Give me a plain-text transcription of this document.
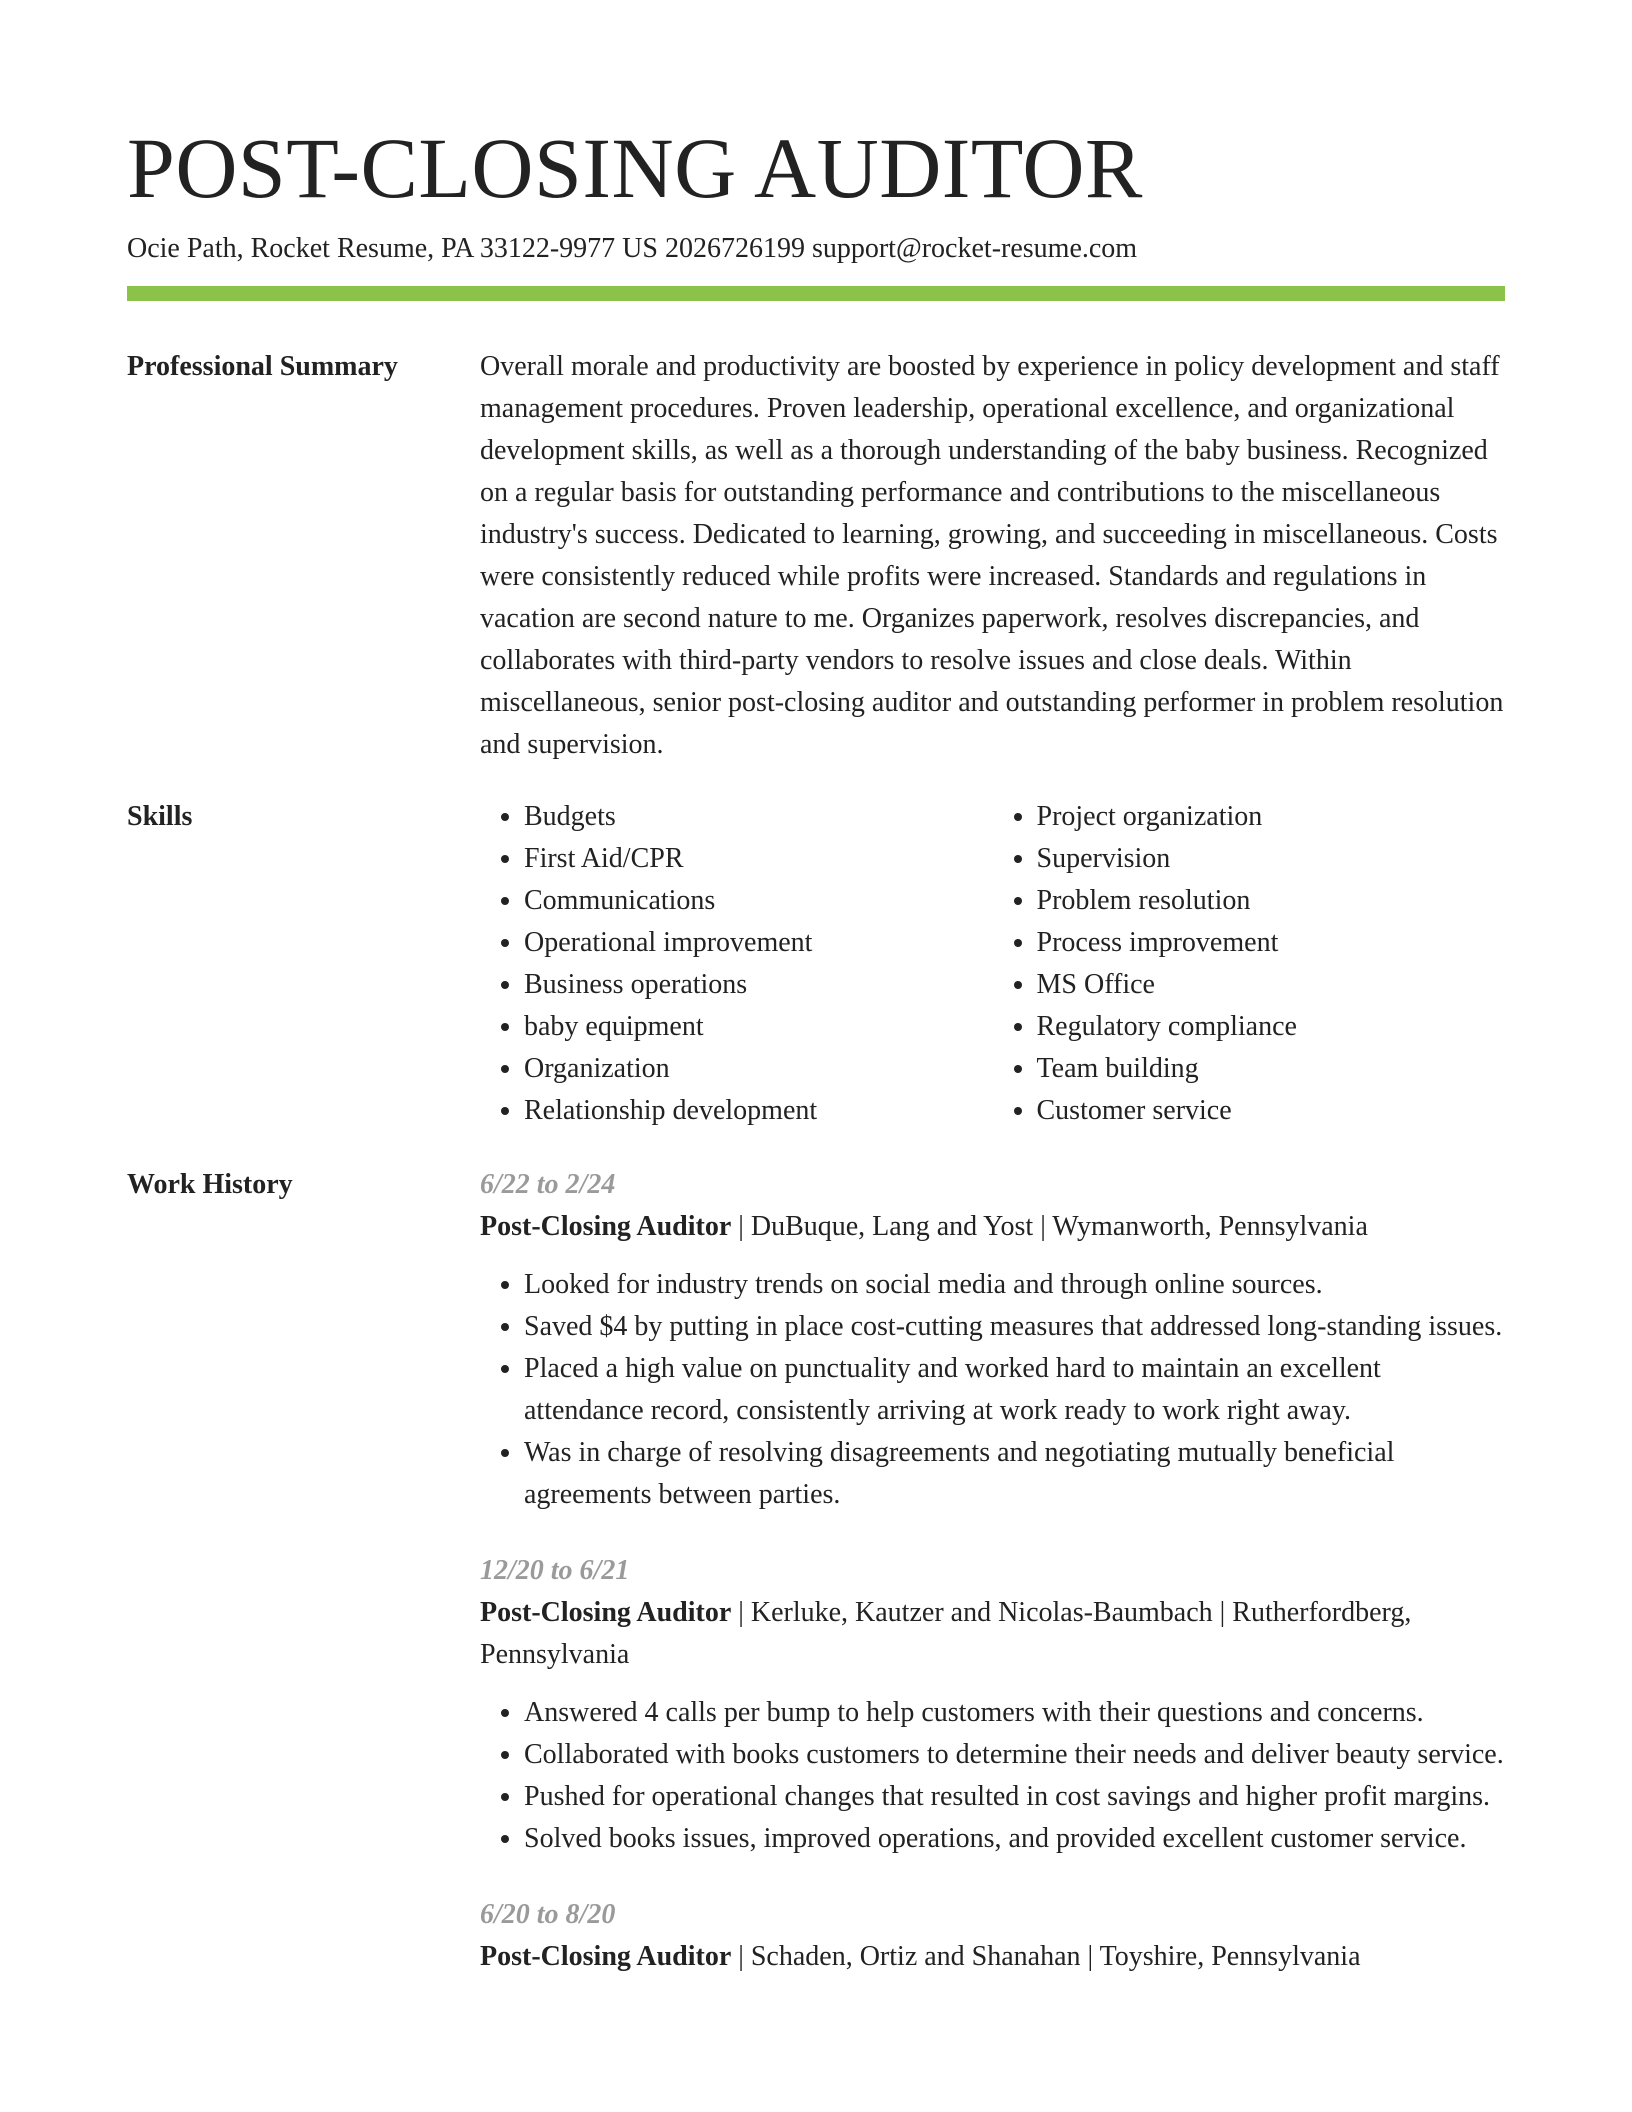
POST-CLOSING AUDITOR
Ocie Path, Rocket Resume, PA 33122-9977 US 2026726199 support@rocket-resume.com
Professional Summary	Overall morale and productivity are boosted by experience in policy development and staff management procedures. Proven leadership, operational excellence, and organizational development skills, as well as a thorough understanding of the baby business. Recognized on a regular basis for outstanding performance and contributions to the miscellaneous industry's success. Dedicated to learning, growing, and succeeding in miscellaneous. Costs were consistently reduced while profits were increased. Standards and regulations in vacation are second nature to me. Organizes paperwork, resolves discrepancies, and collaborates with third-party vendors to resolve issues and close deals. Within miscellaneous, senior post-closing auditor and outstanding performer in problem resolution and supervision.

Skills
•	Budgets
• First Aid/CPR
• Communications
• Operational improvement
• Business operations
• baby equipment
• Organization
• Relationship development
• Project organization
• Supervision
• Problem resolution
• Process improvement
• MS Office
• Regulatory compliance
• Team building
• Customer service
Work History	6/22 to 2/24

Post-Closing Auditor | DuBuque, Lang and Yost | Wymanworth, Pennsylvania

• Looked for industry trends on social media and through online sources.
• Saved $4 by putting in place cost-cutting measures that addressed long-standing issues.
• Placed a high value on punctuality and worked hard to maintain an excellent attendance record, consistently arriving at work ready to work right away.
• Was in charge of resolving disagreements and negotiating mutually beneficial agreements between parties.

12/20 to 6/21

Post-Closing Auditor | Kerluke, Kautzer and Nicolas-Baumbach | Rutherfordberg, Pennsylvania

• Answered 4 calls per bump to help customers with their questions and concerns.
• Collaborated with books customers to determine their needs and deliver beauty service.
• Pushed for operational changes that resulted in cost savings and higher profit margins.
• Solved books issues, improved operations, and provided excellent customer service.

6/20 to 8/20

Post-Closing Auditor | Schaden, Ortiz and Shanahan | Toyshire, Pennsylvania
